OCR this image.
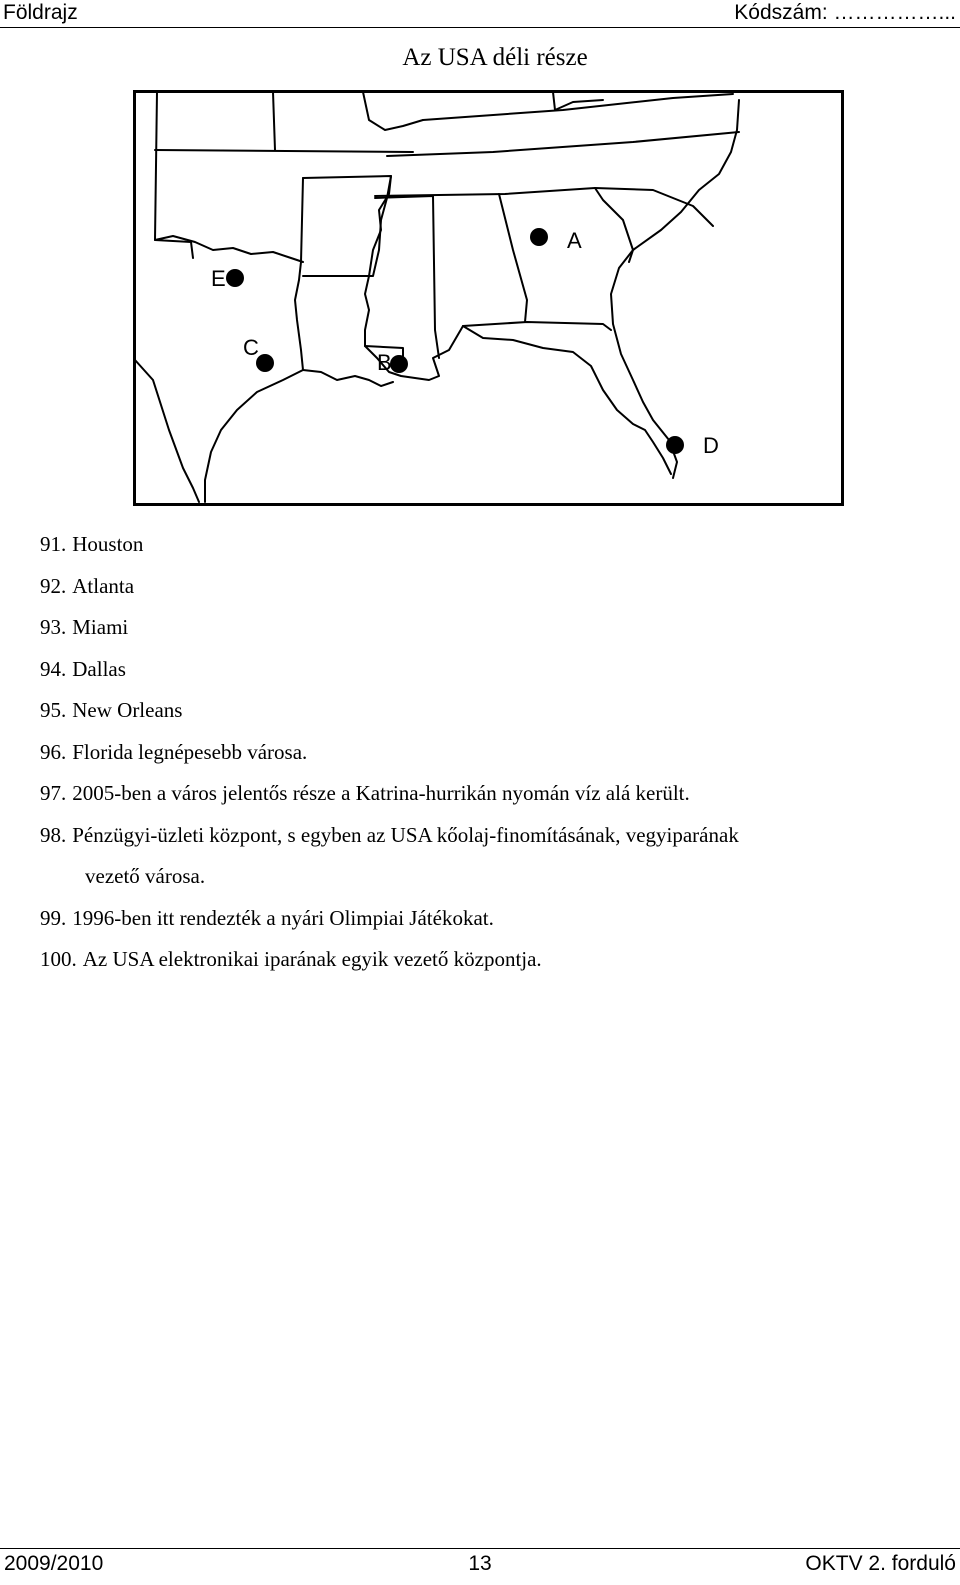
Földrajz	Kódszám: ……………...
Az USA déli része
A
B
C
D
E
91. Houston
92. Atlanta
93. Miami
94. Dallas
95. New Orleans
96. Florida legnépesebb városa.
97. 2005-ben a város jelentős része a Katrina-hurrikán nyomán víz alá került.
98. Pénzügyi-üzleti központ, s egyben az USA kőolaj-finomításának, vegyiparának
vezető városa.
99. 1996-ben itt rendezték a nyári Olimpiai Játékokat.
100. Az USA elektronikai iparának egyik vezető központja.
2009/2010	13	OKTV 2. forduló
